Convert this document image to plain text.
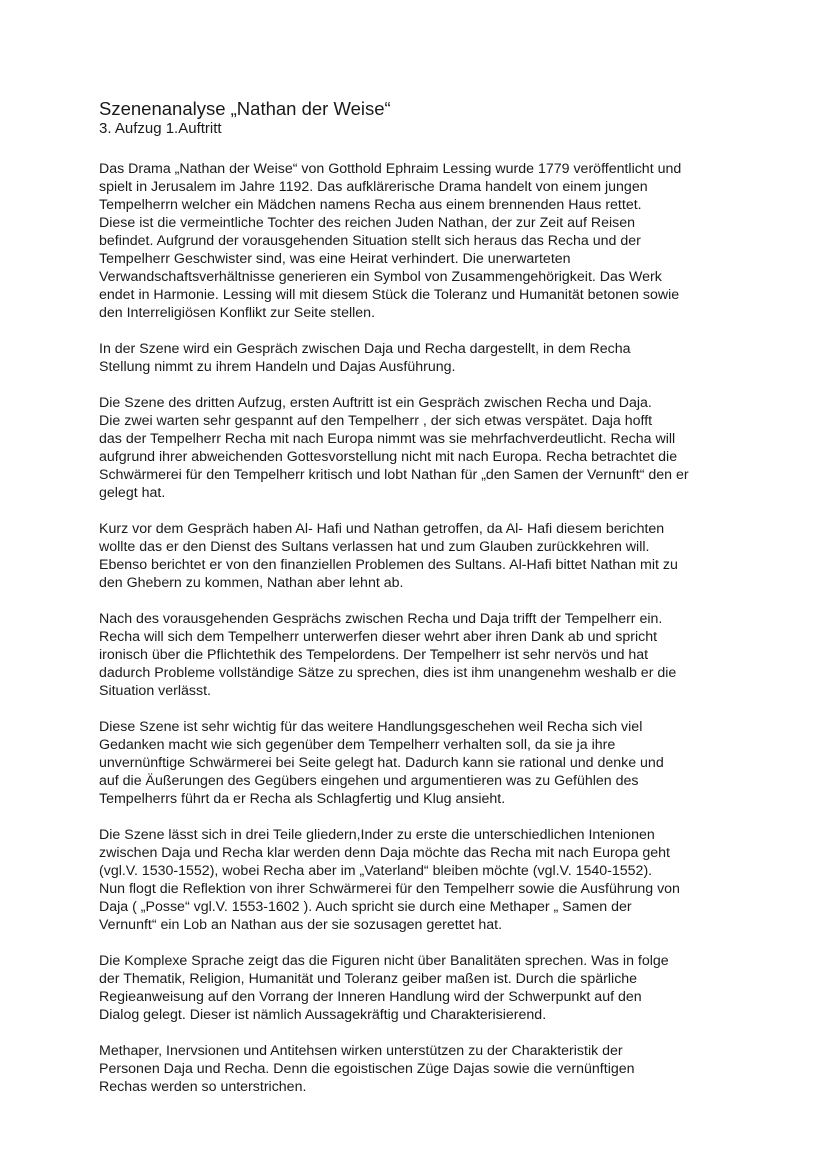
Szenenanalyse „Nathan der Weise“
3. Aufzug 1.Auftritt

Das Drama „Nathan der Weise“ von Gotthold Ephraim Lessing wurde 1779 veröffentlicht und
spielt in Jerusalem im Jahre 1192. Das aufklärerische Drama handelt von einem jungen
Tempelherrn welcher ein Mädchen namens Recha aus einem brennenden Haus rettet.
Diese ist die vermeintliche Tochter des reichen Juden Nathan, der zur Zeit auf Reisen
befindet. Aufgrund der vorausgehenden Situation stellt sich heraus das Recha und der
Tempelherr Geschwister sind, was eine Heirat verhindert. Die unerwarteten
Verwandschaftsverhältnisse generieren ein Symbol von Zusammengehörigkeit. Das Werk
endet in Harmonie. Lessing will mit diesem Stück die Toleranz und Humanität betonen sowie
den Interreligiösen Konflikt zur Seite stellen.

In der Szene wird ein Gespräch zwischen Daja und Recha dargestellt, in dem Recha
Stellung nimmt zu ihrem Handeln und Dajas Ausführung.

Die Szene des dritten Aufzug, ersten Auftritt ist ein Gespräch zwischen Recha und Daja.
Die zwei warten sehr gespannt auf den Tempelherr , der sich etwas verspätet. Daja hofft
das der Tempelherr Recha mit nach Europa nimmt was sie mehrfachverdeutlicht. Recha will
aufgrund ihrer abweichenden Gottesvorstellung nicht mit nach Europa. Recha betrachtet die
Schwärmerei für den Tempelherr kritisch und lobt Nathan für „den Samen der Vernunft“ den er
gelegt hat.

Kurz vor dem Gespräch haben Al- Hafi und Nathan getroffen, da Al- Hafi diesem berichten
wollte das er den Dienst des Sultans verlassen hat und zum Glauben zurückkehren will.
Ebenso berichtet er von den finanziellen Problemen des Sultans. Al-Hafi bittet Nathan mit zu
den Ghebern zu kommen, Nathan aber lehnt ab.

Nach des vorausgehenden Gesprächs zwischen Recha und Daja trifft der Tempelherr ein.
Recha will sich dem Tempelherr unterwerfen dieser wehrt aber ihren Dank ab und spricht
ironisch über die Pflichtethik des Tempelordens. Der Tempelherr ist sehr nervös und hat
dadurch Probleme vollständige Sätze zu sprechen, dies ist ihm unangenehm weshalb er die
Situation verlässt.

Diese Szene ist sehr wichtig für das weitere Handlungsgeschehen weil Recha sich viel
Gedanken macht wie sich gegenüber dem Tempelherr verhalten soll, da sie ja ihre
unvernünftige Schwärmerei bei Seite gelegt hat. Dadurch kann sie rational und denke und
auf die Äußerungen des Gegübers eingehen und argumentieren was zu Gefühlen des
Tempelherrs führt da er Recha als Schlagfertig und Klug ansieht.

Die Szene lässt sich in drei Teile gliedern,Inder zu erste die unterschiedlichen Intenionen
zwischen Daja und Recha klar werden denn Daja möchte das Recha mit nach Europa geht
(vgl.V. 1530-1552), wobei Recha aber im „Vaterland“ bleiben möchte (vgl.V. 1540-1552).
Nun flogt die Reflektion von ihrer Schwärmerei für den Tempelherr sowie die Ausführung von
Daja ( „Posse“ vgl.V. 1553-1602 ). Auch spricht sie durch eine Methaper „ Samen der
Vernunft“ ein Lob an Nathan aus der sie sozusagen gerettet hat.

Die Komplexe Sprache zeigt das die Figuren nicht über Banalitäten sprechen. Was in folge
der Thematik, Religion, Humanität und Toleranz geiber maßen ist. Durch die spärliche
Regieanweisung auf den Vorrang der Inneren Handlung wird der Schwerpunkt auf den
Dialog gelegt. Dieser ist nämlich Aussagekräftig und Charakterisierend.

Methaper, Inervsionen und Antitehsen wirken unterstützen zu der Charakteristik der
Personen Daja und Recha. Denn die egoistischen Züge Dajas sowie die vernünftigen
Rechas werden so unterstrichen.
